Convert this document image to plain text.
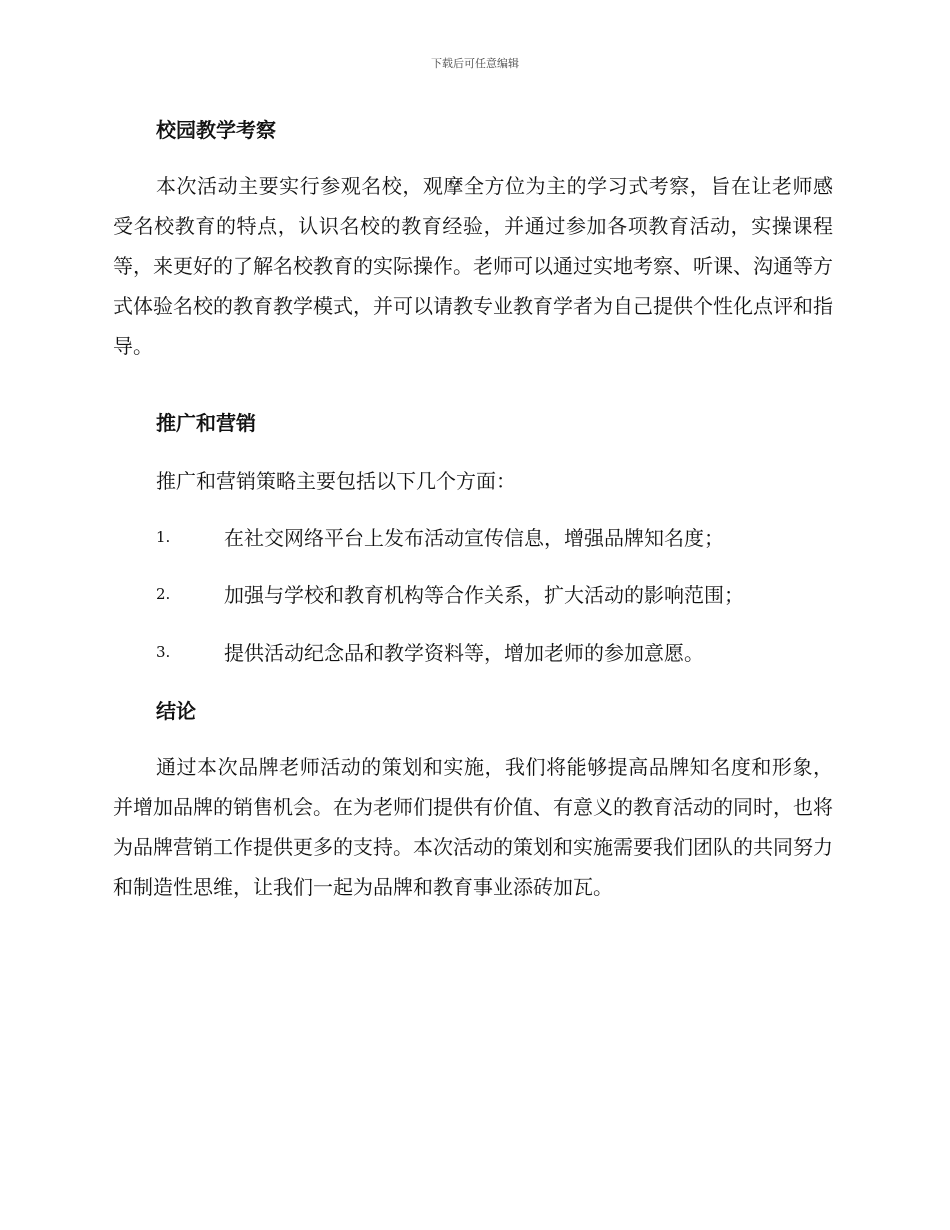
下载后可任意编辑
校园教学考察
本次活动主要实行参观名校，观摩全方位为主的学习式考察，旨在让老师感受名校教育的特点，认识名校的教育经验，并通过参加各项教育活动，实操课程等，来更好的了解名校教育的实际操作。老师可以通过实地考察、听课、沟通等方式体验名校的教育教学模式，并可以请教专业教育学者为自己提供个性化点评和指导。
推广和营销
推广和营销策略主要包括以下几个方面：
1.	在社交网络平台上发布活动宣传信息，增强品牌知名度；
2.	加强与学校和教育机构等合作关系，扩大活动的影响范围；
3.	提供活动纪念品和教学资料等，增加老师的参加意愿。
结论
通过本次品牌老师活动的策划和实施，我们将能够提高品牌知名度和形象，并增加品牌的销售机会。在为老师们提供有价值、有意义的教育活动的同时，也将为品牌营销工作提供更多的支持。本次活动的策划和实施需要我们团队的共同努力和制造性思维，让我们一起为品牌和教育事业添砖加瓦。
